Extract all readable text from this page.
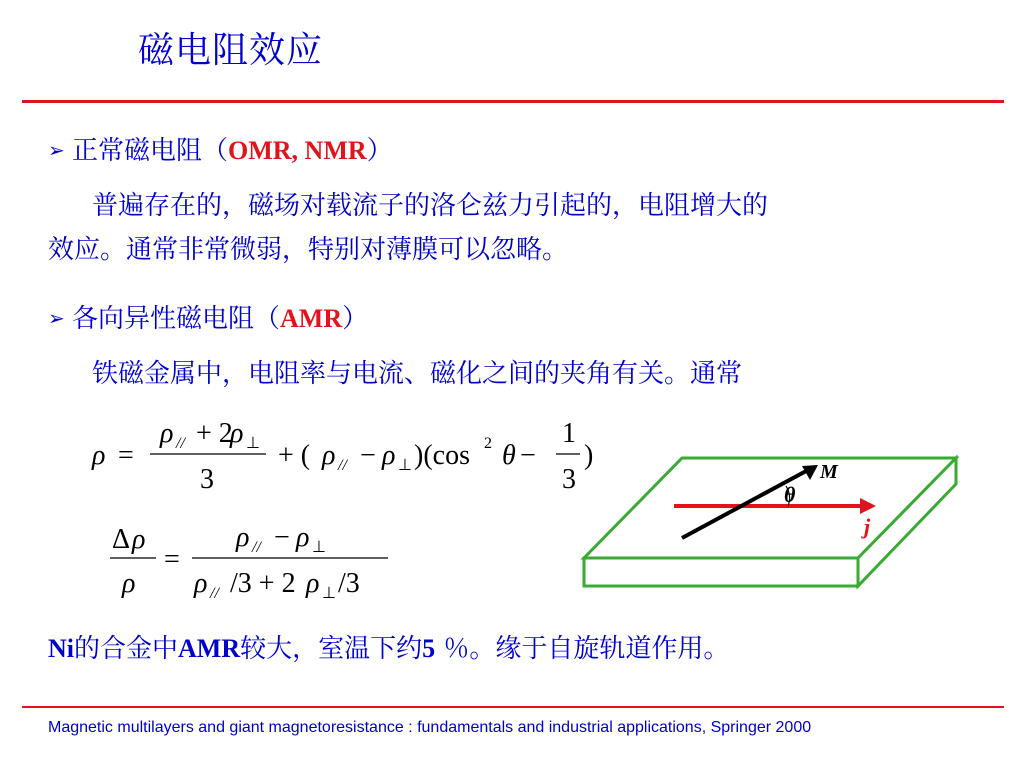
磁电阻效应
➢ 正常磁电阻（OMR, NMR）
普遍存在的，磁场对载流子的洛仑兹力引起的，电阻增大的
效应。通常非常微弱，特别对薄膜可以忽略。
➢ 各向异性磁电阻（AMR）
铁磁金属中，电阻率与电流、磁化之间的夹角有关。通常
ρ =
ρ // + 2
ρ ⊥
3
+ ( ρ // − ρ ⊥ )(cos 2 θ −
1
3
)
Δ ρ
ρ
=
ρ // − ρ ⊥
ρ // /3 + 2 ρ ⊥ /3
M
θ
j
Ni的合金中AMR较大，室温下约5 ％。缘于自旋轨道作用。
Magnetic multilayers and giant magnetoresistance : fundamentals and industrial applications, Springer 2000
